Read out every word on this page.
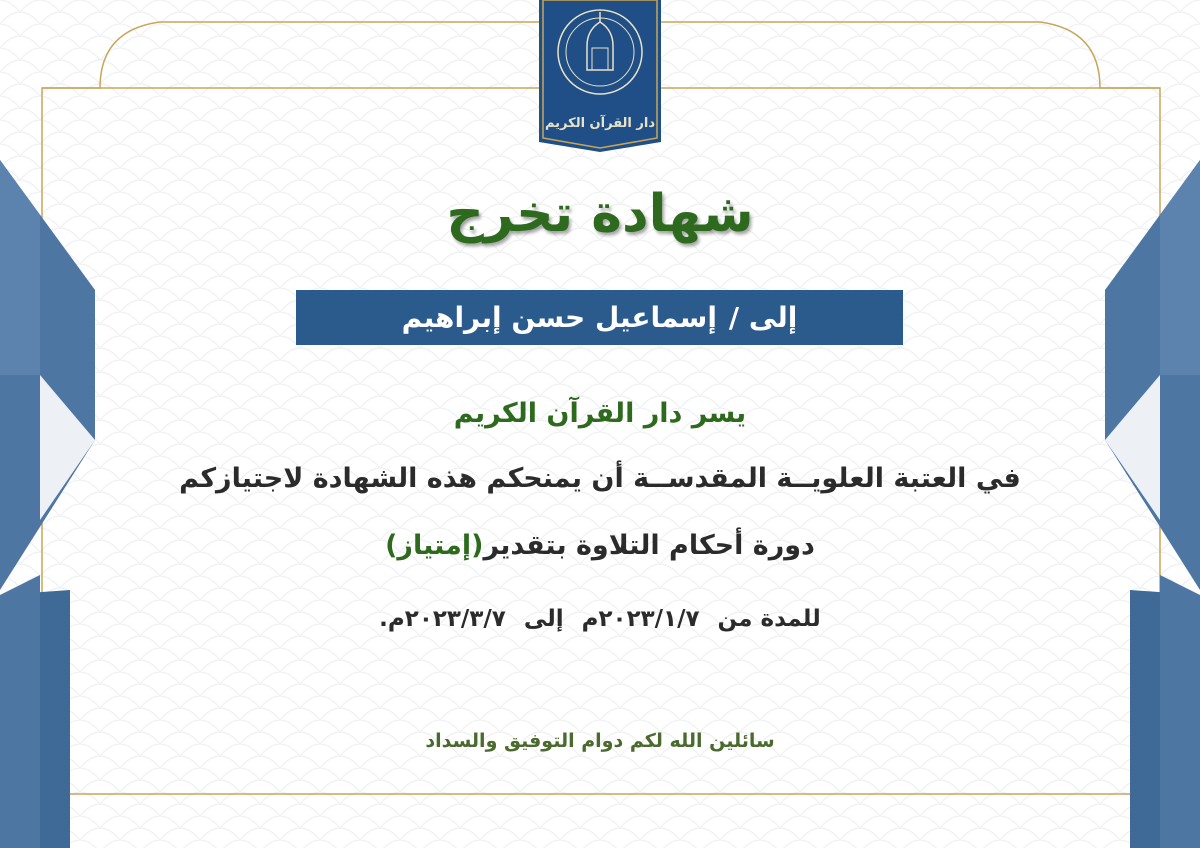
دار القرآن الكريم
شهادة تخرج
إلى /
إسماعيل حسن إبراهيم
يسر دار القرآن الكريم
في العتبة العلويــة المقدســة أن يمنحكم هذه الشهادة لاجتيازكم
دورة أحكام التلاوة بتقدير(إمتياز)
للمدة من ٢٠٢٣/١/٧م إلى ٢٠٢٣/٣/٧م.
سائلين الله لكم دوام التوفيق والسداد
